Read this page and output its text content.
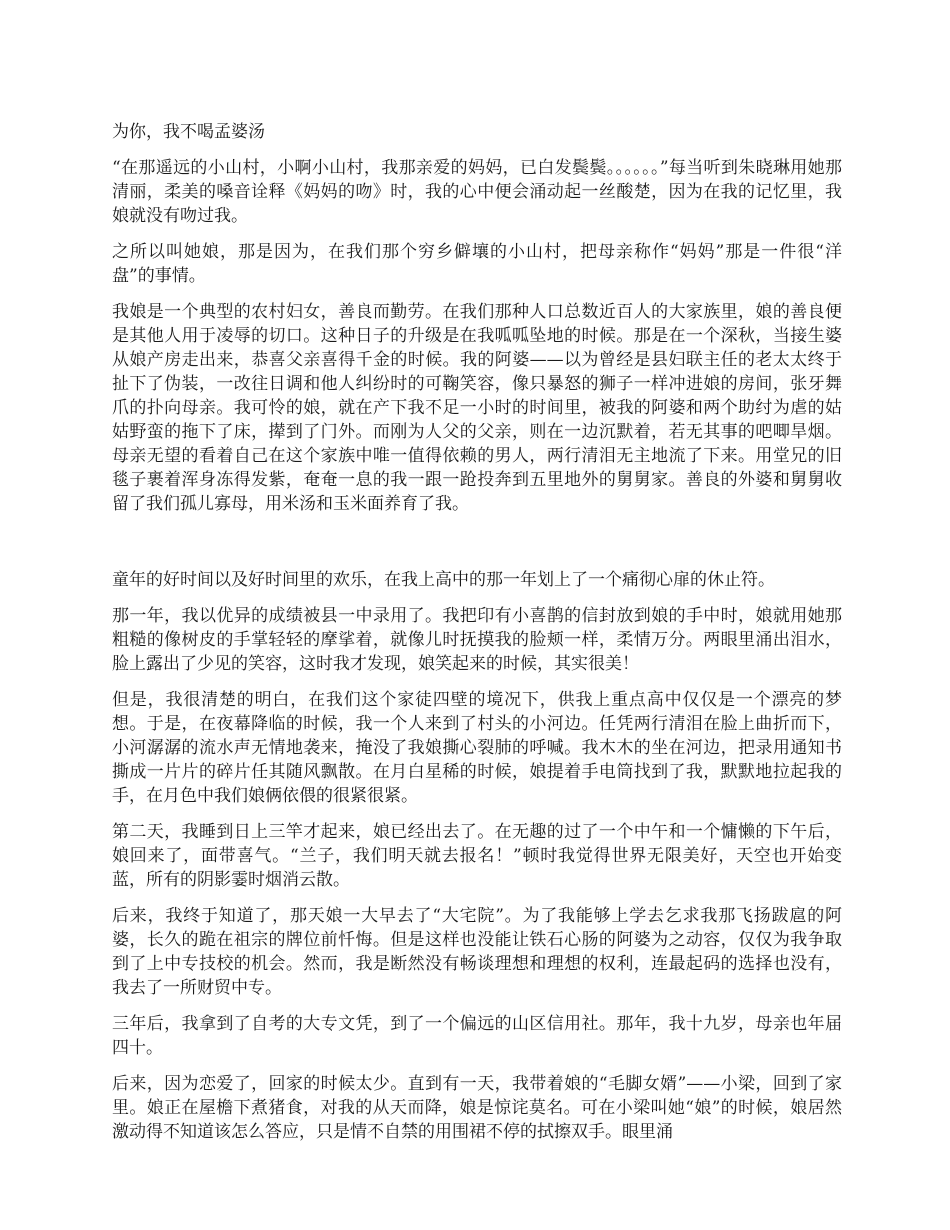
为你，我不喝孟婆汤

“在那遥远的小山村，小啊小山村，我那亲爱的妈妈，已白发鬓鬓。。。。。。”每当听到朱晓琳用她那清丽，柔美的嗓音诠释《妈妈的吻》时，我的心中便会涌动起一丝酸楚，因为在我的记忆里，我娘就没有吻过我。

之所以叫她娘，那是因为，在我们那个穷乡僻壤的小山村，把母亲称作“妈妈”那是一件很“洋盘”的事情。

我娘是一个典型的农村妇女，善良而勤劳。在我们那种人口总数近百人的大家族里，娘的善良便是其他人用于凌辱的切口。这种日子的升级是在我呱呱坠地的时候。那是在一个深秋，当接生婆从娘产房走出来，恭喜父亲喜得千金的时候。我的阿婆——以为曾经是县妇联主任的老太太终于扯下了伪装，一改往日调和他人纠纷时的可鞠笑容，像只暴怒的狮子一样冲进娘的房间，张牙舞爪的扑向母亲。我可怜的娘，就在产下我不足一小时的时间里，被我的阿婆和两个助纣为虐的姑姑野蛮的拖下了床，撵到了门外。而刚为人父的父亲，则在一边沉默着，若无其事的吧唧旱烟。母亲无望的看着自己在这个家族中唯一值得依赖的男人，两行清泪无主地流了下来。用堂兄的旧毯子裹着浑身冻得发紫，奄奄一息的我一跟一跄投奔到五里地外的舅舅家。善良的外婆和舅舅收留了我们孤儿寡母，用米汤和玉米面养育了我。

童年的好时间以及好时间里的欢乐，在我上高中的那一年划上了一个痛彻心扉的休止符。

那一年，我以优异的成绩被县一中录用了。我把印有小喜鹊的信封放到娘的手中时，娘就用她那粗糙的像树皮的手掌轻轻的摩挲着，就像儿时抚摸我的脸颊一样，柔情万分。两眼里涌出泪水，脸上露出了少见的笑容，这时我才发现，娘笑起来的时候，其实很美！

但是，我很清楚的明白，在我们这个家徒四壁的境况下，供我上重点高中仅仅是一个漂亮的梦想。于是，在夜幕降临的时候，我一个人来到了村头的小河边。任凭两行清泪在脸上曲折而下，小河潺潺的流水声无情地袭来，掩没了我娘撕心裂肺的呼喊。我木木的坐在河边，把录用通知书撕成一片片的碎片任其随风飘散。在月白星稀的时候，娘提着手电筒找到了我，默默地拉起我的手，在月色中我们娘俩依偎的很紧很紧。

第二天，我睡到日上三竿才起来，娘已经出去了。在无趣的过了一个中午和一个慵懒的下午后，娘回来了，面带喜气。“兰子，我们明天就去报名！”顿时我觉得世界无限美好，天空也开始变蓝，所有的阴影霎时烟消云散。

后来，我终于知道了，那天娘一大早去了“大宅院”。为了我能够上学去乞求我那飞扬跋扈的阿婆，长久的跪在祖宗的牌位前忏悔。但是这样也没能让铁石心肠的阿婆为之动容，仅仅为我争取到了上中专技校的机会。然而，我是断然没有畅谈理想和理想的权利，连最起码的选择也没有，我去了一所财贸中专。

三年后，我拿到了自考的大专文凭，到了一个偏远的山区信用社。那年，我十九岁，母亲也年届四十。

后来，因为恋爱了，回家的时候太少。直到有一天，我带着娘的“毛脚女婿”——小梁，回到了家里。娘正在屋檐下煮猪食，对我的从天而降，娘是惊诧莫名。可在小梁叫她“娘”的时候，娘居然激动得不知道该怎么答应，只是情不自禁的用围裙不停的拭擦双手。眼里涌
